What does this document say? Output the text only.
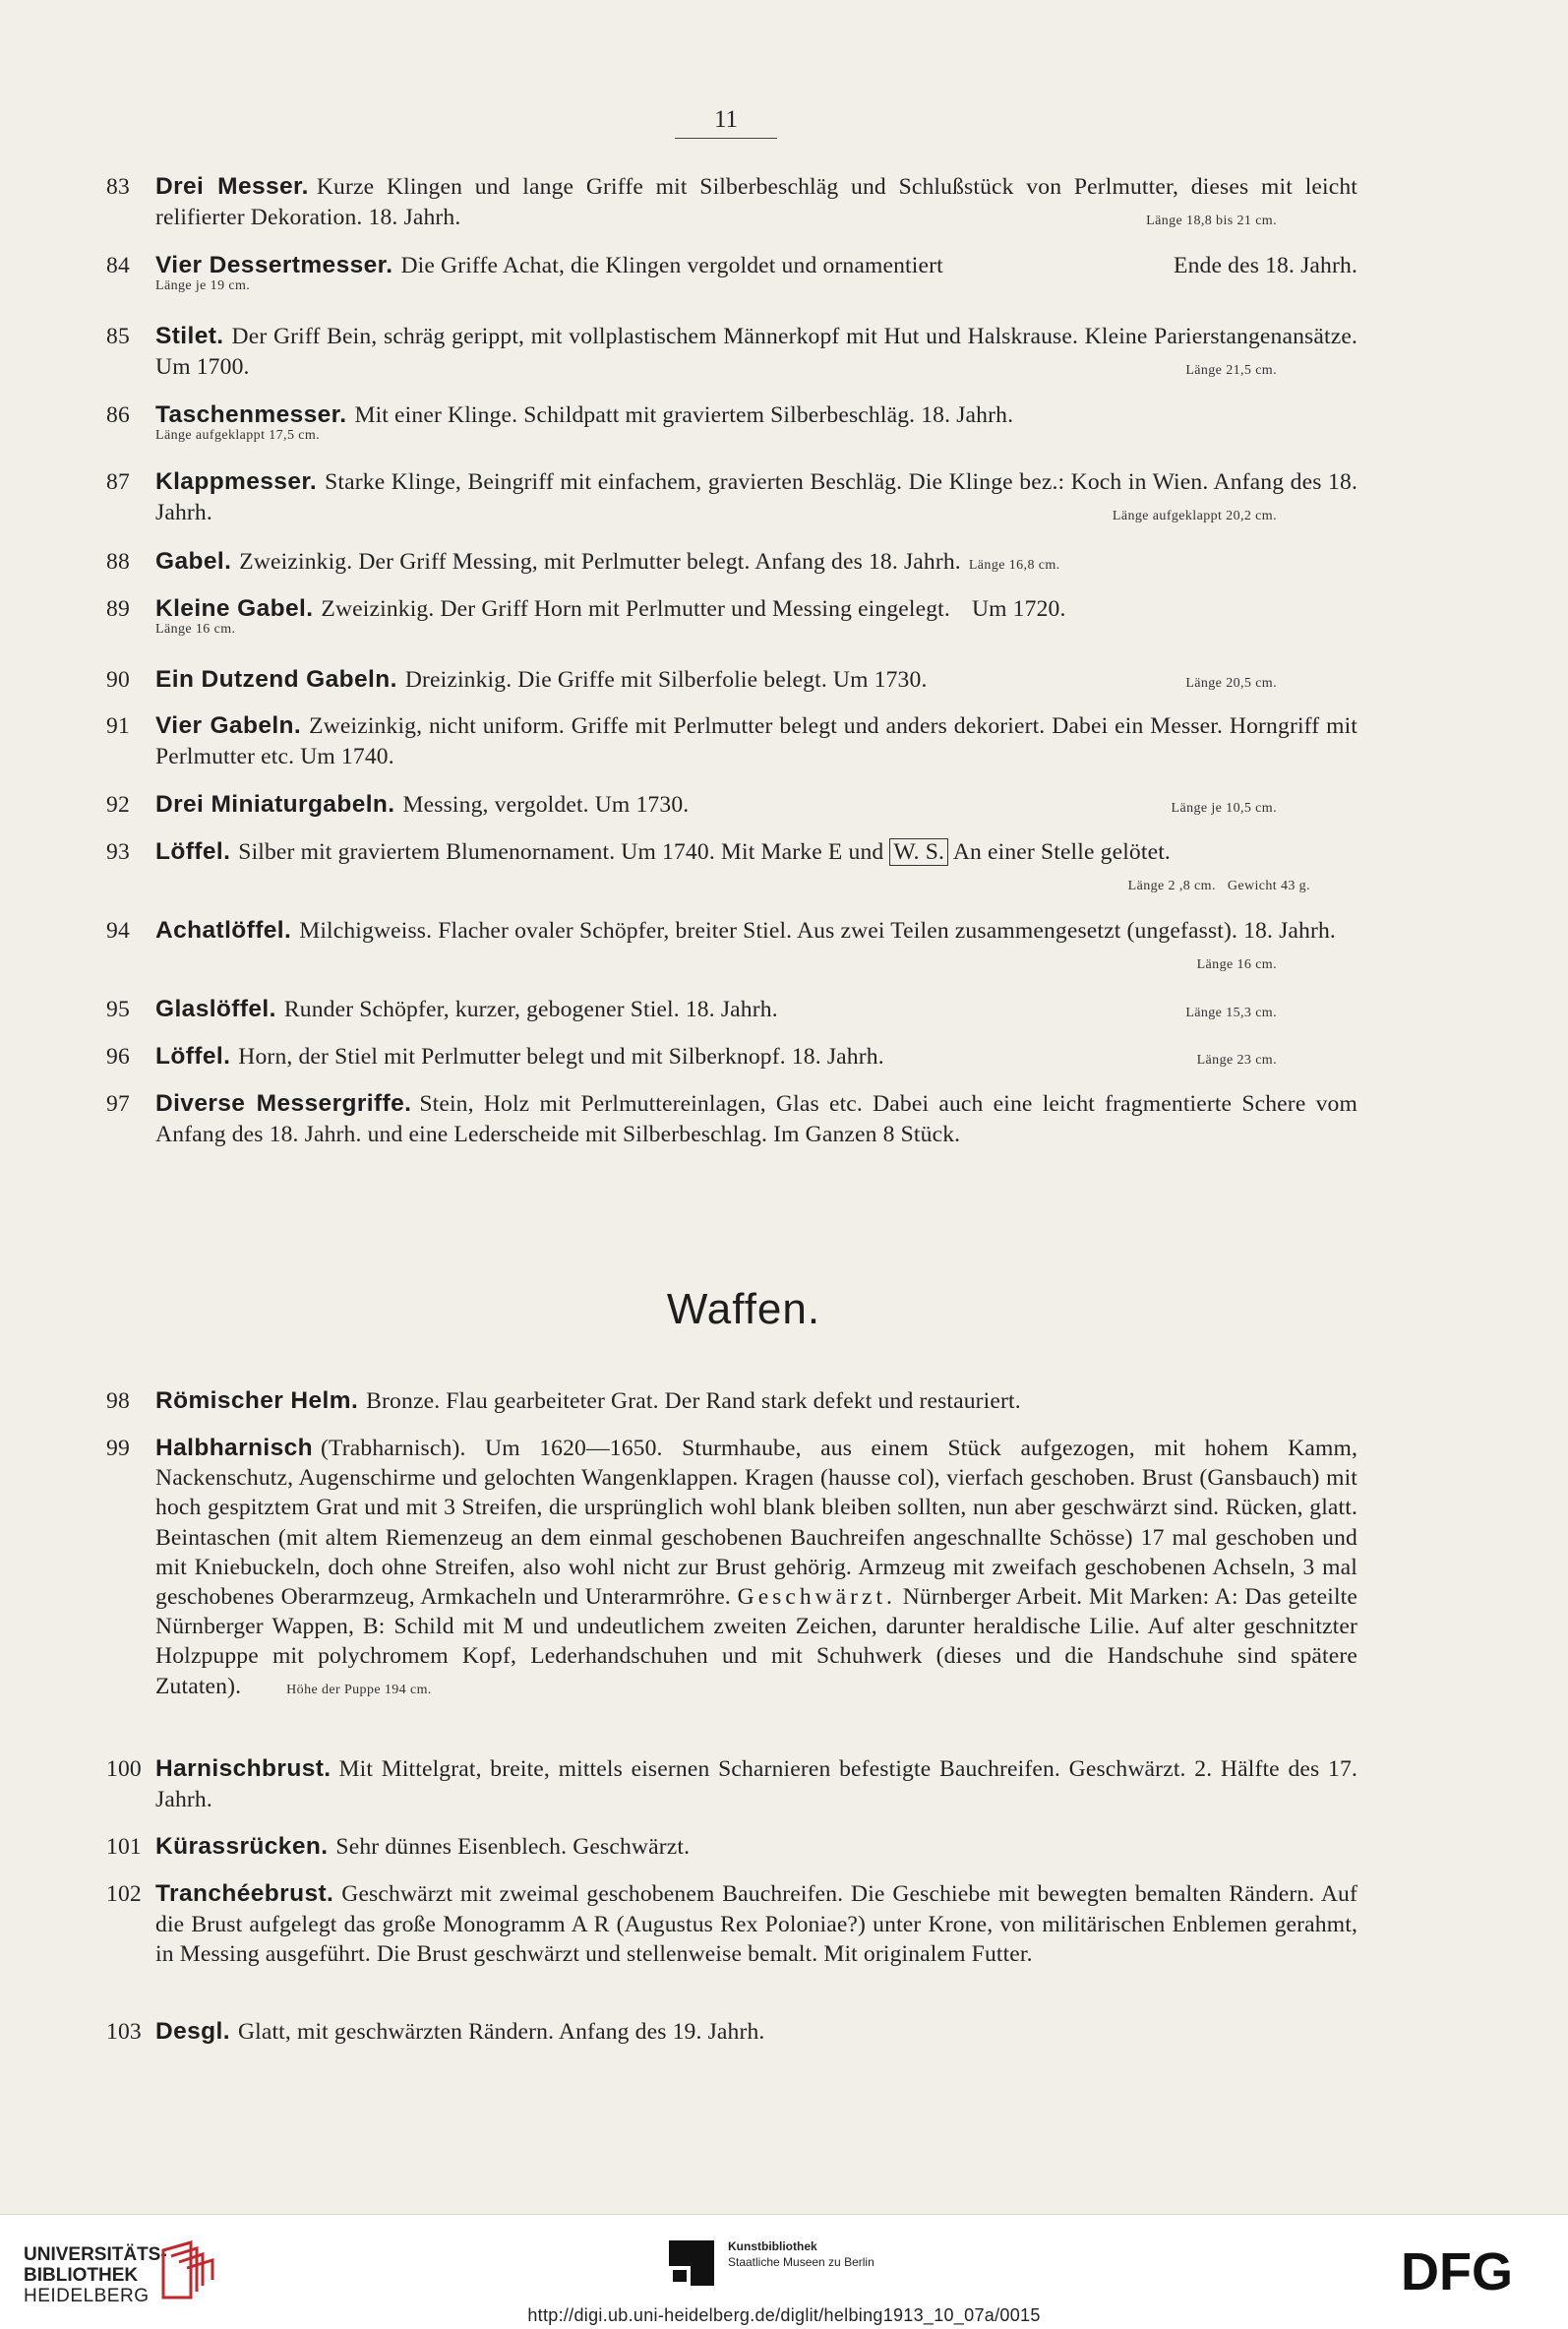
11
83	Drei Messer. Kurze Klingen und lange Griffe mit Silberbeschläg und Schlußstück von Perlmutter, dieses mit leicht relifierter Dekoration. 18. Jahrh.	Länge 18,8 bis 21 cm.
84	Vier Dessertmesser. Die Griffe Achat, die Klingen vergoldet und ornamentiert	Ende des 18. Jahrh.
Länge je 19 cm.
85	Stilet. Der Griff Bein, schräg gerippt, mit vollplastischem Männerkopf mit Hut und Halskrause. Kleine Parierstangenansätze. Um 1700.	Länge 21,5 cm.
86	Taschenmesser. Mit einer Klinge. Schildpatt mit graviertem Silberbeschläg. 18. Jahrh.
Länge aufgeklappt 17,5 cm.
87	Klappmesser. Starke Klinge, Beingriff mit einfachem, gravierten Beschläg. Die Klinge bez.: Koch in Wien. Anfang des 18. Jahrh.	Länge aufgeklappt 20,2 cm.
88	Gabel. Zweizinkig. Der Griff Messing, mit Perlmutter belegt. Anfang des 18. Jahrh. Länge 16,8 cm.
89	Kleine Gabel. Zweizinkig. Der Griff Horn mit Perlmutter und Messing eingelegt. Um 1720.
Länge 16 cm.
90	Ein Dutzend Gabeln. Dreizinkig. Die Griffe mit Silberfolie belegt. Um 1730.	Länge 20,5 cm.
91	Vier Gabeln. Zweizinkig, nicht uniform. Griffe mit Perlmutter belegt und anders dekoriert. Dabei ein Messer. Horngriff mit Perlmutter etc. Um 1740.
92	Drei Miniaturgabeln. Messing, vergoldet. Um 1730.	Länge je 10,5 cm.
93	Löffel. Silber mit graviertem Blumenornament. Um 1740. Mit Marke E und W. S. An einer Stelle gelötet.
Länge 2 ,8 cm. Gewicht 43 g.
94	Achatlöffel. Milchigweiss. Flacher ovaler Schöpfer, breiter Stiel. Aus zwei Teilen zusammengesetzt (ungefasst). 18. Jahrh.
Länge 16 cm.
95	Glaslöffel. Runder Schöpfer, kurzer, gebogener Stiel. 18. Jahrh.	Länge 15,3 cm.
96	Löffel. Horn, der Stiel mit Perlmutter belegt und mit Silberknopf. 18. Jahrh.	Länge 23 cm.
97	Diverse Messergriffe. Stein, Holz mit Perlmuttereinlagen, Glas etc. Dabei auch eine leicht fragmentierte Schere vom Anfang des 18. Jahrh. und eine Lederscheide mit Silberbeschlag. Im Ganzen 8 Stück.
Waffen.
98	Römischer Helm. Bronze. Flau gearbeiteter Grat. Der Rand stark defekt und restauriert.
99	Halbharnisch (Trabharnisch). Um 1620—1650. Sturmhaube, aus einem Stück aufgezogen, mit hohem Kamm, Nackenschutz, Augenschirme und gelochten Wangenklappen. Kragen (hausse col), vierfach geschoben. Brust (Gansbauch) mit hoch gespitztem Grat und mit 3 Streifen, die ursprünglich wohl blank bleiben sollten, nun aber geschwärzt sind. Rücken, glatt. Beintaschen (mit altem Riemenzeug an dem einmal geschobenen Bauchreifen angeschnallte Schösse) 17 mal geschoben und mit Kniebuckeln, doch ohne Streifen, also wohl nicht zur Brust gehörig. Armzeug mit zweifach geschobenen Achseln, 3 mal geschobenes Oberarmzeug, Armkacheln und Unterarmröhre. Geschwärzt. Nürnberger Arbeit. Mit Marken: A: Das geteilte Nürnberger Wappen, B: Schild mit M und undeutlichem zweiten Zeichen, darunter heraldische Lilie. Auf alter geschnitzter Holzpuppe mit polychromem Kopf, Lederhandschuhen und mit Schuhwerk (dieses und die Handschuhe sind spätere Zutaten).	Höhe der Puppe 194 cm.
100 Harnischbrust. Mit Mittelgrat, breite, mittels eisernen Scharnieren befestigte Bauchreifen. Geschwärzt. 2. Hälfte des 17. Jahrh.
101 Kürassrücken. Sehr dünnes Eisenblech. Geschwärzt.
102 Tranchéebrust. Geschwärzt mit zweimal geschobenem Bauchreifen. Die Geschiebe mit bewegten bemalten Rändern. Auf die Brust aufgelegt das große Monogramm A R (Augustus Rex Poloniae?) unter Krone, von militärischen Enblemen gerahmt, in Messing ausgeführt. Die Brust geschwärzt und stellenweise bemalt. Mit originalem Futter.
103 Desgl. Glatt, mit geschwärzten Rändern. Anfang des 19. Jahrh.
UNIVERSITÄTS-
BIBLIOTHEK
HEIDELBERG
Kunstbibliothek
Staatliche Museen zu Berlin	DFG
http://digi.ub.uni-heidelberg.de/diglit/helbing1913_10_07a/0015
